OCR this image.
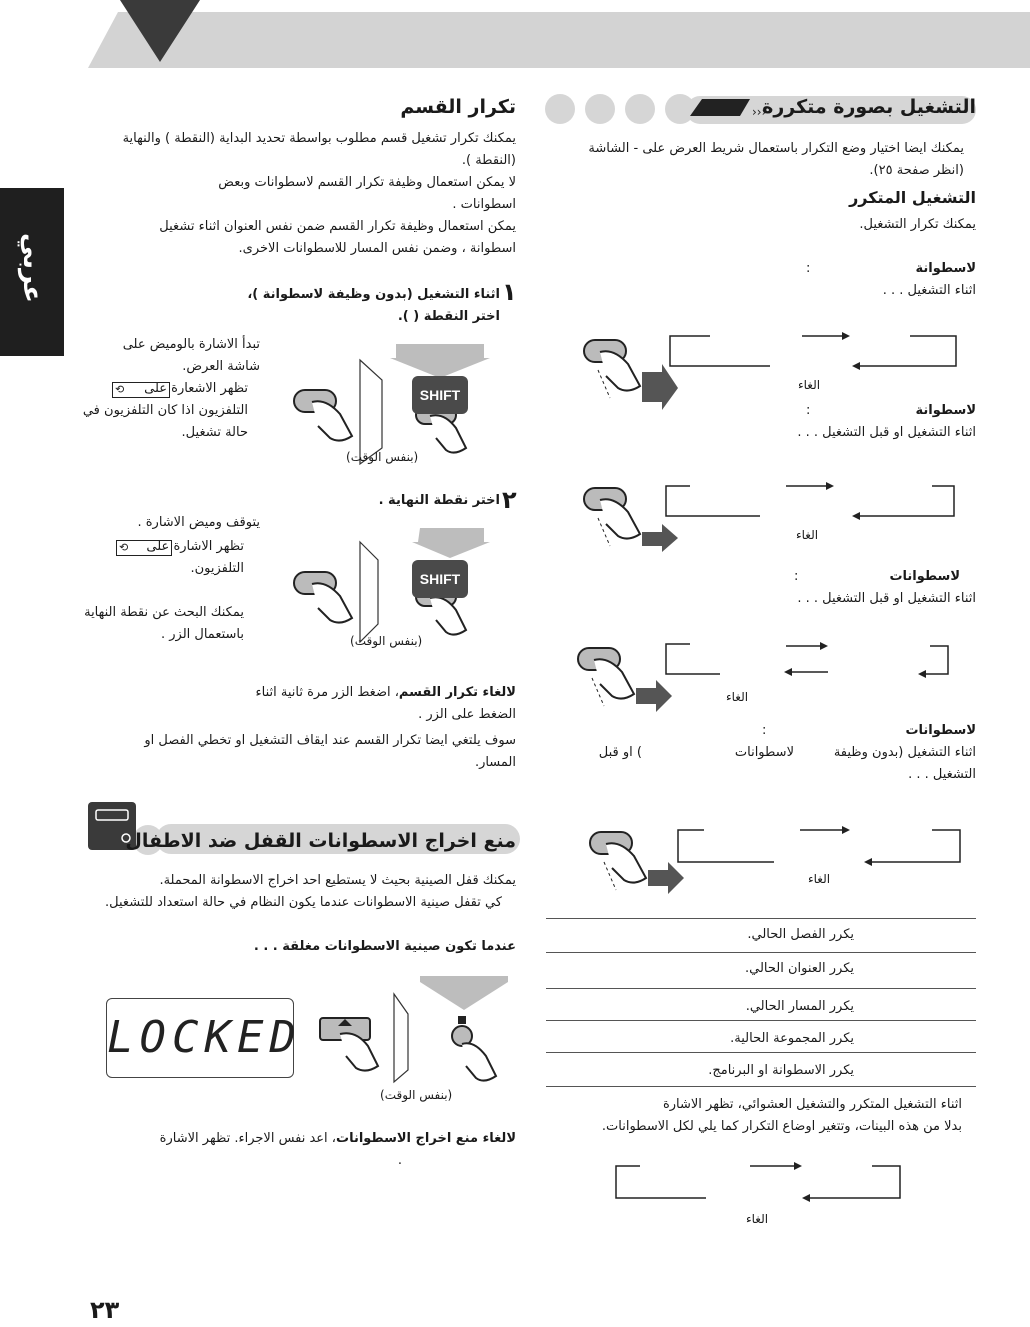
عربي
›››
التشغيل بصورة متكررة
يمكنك ايضا اختيار وضع التكرار باستعمال شريط العرض على - الشاشة
(انظر صفحة ٢٥).
التشغيل المتكرر
يمكنك تكرار التشغيل.
لاسطوانة
:
اثناء التشغيل . . .
الغاء
لاسطوانة
:
اثناء التشغيل او قبل التشغيل . . .
الغاء
لاسطوانات
:
اثناء التشغيل او قبل التشغيل . . .
الغاء
لاسطوانات
:
اثناء التشغيل (بدون وظيفة
لاسطوانات
) او قبل
التشغيل . . .
الغاء
يكرر الفصل الحالي.
يكرر العنوان الحالي.
يكرر المسار الحالي.
يكرر المجموعة الحالية.
يكرر الاسطوانة او البرنامج.
اثناء التشغيل المتكرر والتشغيل العشوائي، تظهر الاشارة
بدلا من هذه البينات، وتتغير اوضاع التكرار كما يلي لكل الاسطوانات.
الغاء
تكرار القسم
يمكنك تكرار تشغيل قسم مطلوب بواسطة تحديد البداية (النقطة ) والنهاية
(النقطة ).
لا يمكن استعمال وظيفة تكرار القسم لاسطوانات وبعض
اسطوانات .
يمكن استعمال وظيفة تكرار القسم ضمن نفس العنوان اثناء تشغيل
اسطوانة ، وضمن نفس المسار للاسطوانات الاخرى.
١
اثناء التشغيل (بدون وظيفة لاسطوانة )،
اختر النقطة ( ).
SHIFT
(بنفس الوقت)
تبدأ الاشارة بالوميض على
شاشة العرض.
تظهر الاشعارة على
التلفزيون اذا كان التلفزيون في
حالة تشغيل.
⟲
٢
اختر نقطة النهاية .
SHIFT
(بنفس الوقت)
يتوقف وميض الاشارة .
تظهر الاشارة على
التلفزيون.
يمكنك البحث عن نقطة النهاية
باستعمال الزر .
⟲
لالغاء تكرار القسم، اضغط الزر مرة ثانية اثناء
الضغط على الزر .
سوف يلتغي ايضا تكرار القسم عند ايقاف التشغيل او تخطي الفصل او
المسار.
منع اخراج الاسطوانات القفل ضد الاطفال
يمكنك قفل الصينية بحيث لا يستطيع احد اخراج الاسطوانة المحملة.
كي تقفل صينية الاسطوانات عندما يكون النظام في حالة استعداد للتشغيل.
عندما تكون صينية الاسطوانات مغلقة . . .
LOCKED
(بنفس الوقت)
لالغاء منع اخراج الاسطوانات، اعد نفس الاجراء. تظهر الاشارة
.
٢٣
